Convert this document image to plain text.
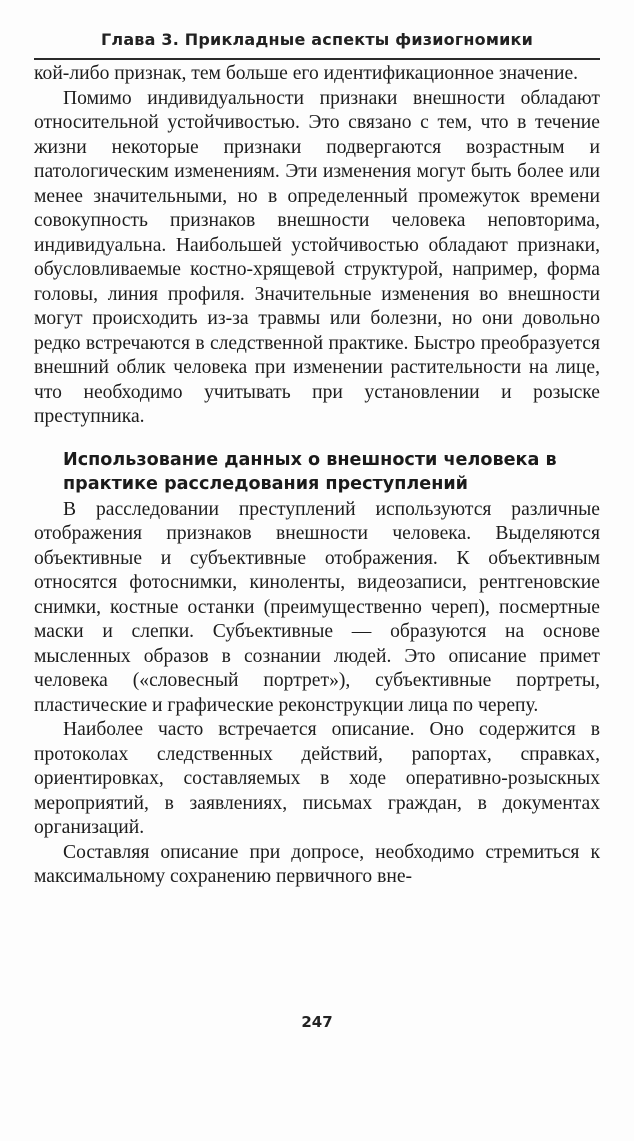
Глава 3. Прикладные аспекты физиогномики

кой-либо признак, тем больше его идентификационное значение.

Помимо индивидуальности признаки внешности обладают относительной устойчивостью. Это связано с тем, что в течение жизни некоторые признаки подвергаются возрастным и патологическим изменениям. Эти изменения могут быть более или менее значительными, но в определенный промежуток времени совокупность признаков внешности человека неповторима, индивидуальна. Наибольшей устойчивостью обладают признаки, обусловливаемые костно-хрящевой структурой, например, форма головы, линия профиля. Значительные изменения во внешности могут происходить из-за травмы или болезни, но они довольно редко встречаются в следственной практике. Быстро преобразуется внешний облик человека при изменении растительности на лице, что необходимо учитывать при установлении и розыске преступника.

Использование данных о внешности человека в практике расследования преступлений

В расследовании преступлений используются различные отображения признаков внешности человека. Выделяются объективные и субъективные отображения. К объективным относятся фотоснимки, киноленты, видеозаписи, рентгеновские снимки, костные останки (преимущественно череп), посмертные маски и слепки. Субъективные — образуются на основе мысленных образов в сознании людей. Это описание примет человека («словесный портрет»), субъективные портреты, пластические и графические реконструкции лица по черепу.

Наиболее часто встречается описание. Оно содержится в протоколах следственных действий, рапортах, справках, ориентировках, составляемых в ходе оперативно-розыскных мероприятий, в заявлениях, письмах граждан, в документах организаций.

Составляя описание при допросе, необходимо стремиться к максимальному сохранению первичного вне-

247
